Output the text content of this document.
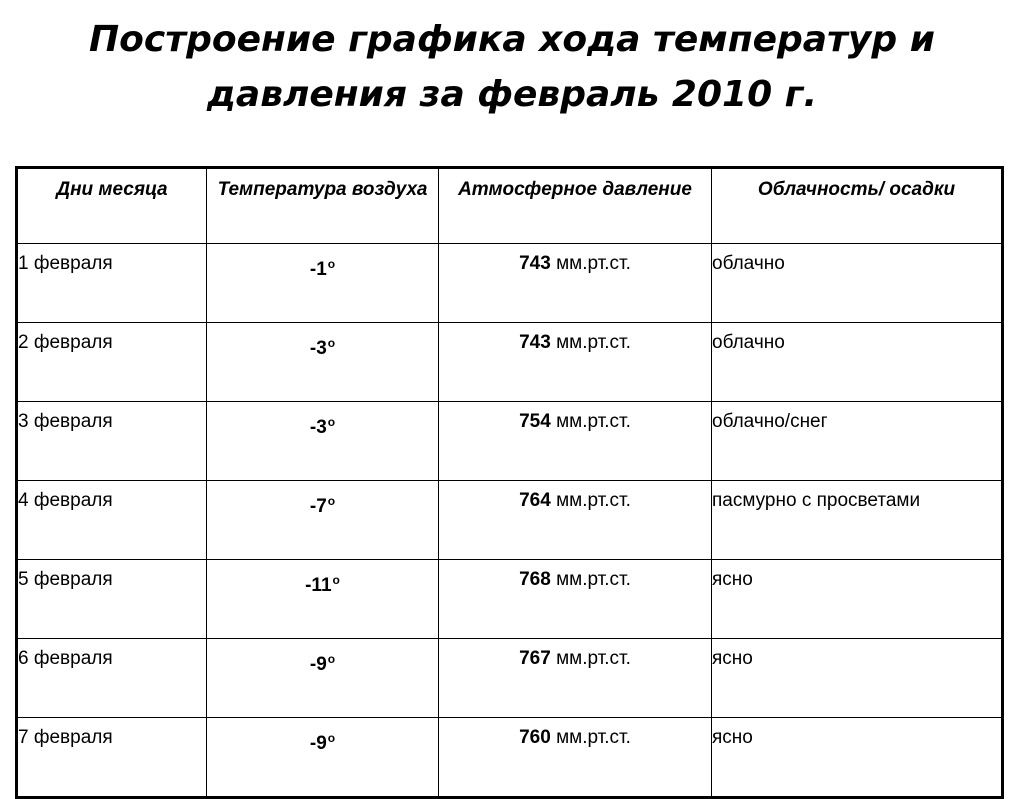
Построение графика хода температур и
давления за февраль 2010 г.
Дни месяца	Температура воздуха	Атмосферное давление	Облачность/ осадки
1 февраля	$-1^о$	743 мм.рт.ст.	облачно
2 февраля	$-3^о$	743 мм.рт.ст.	облачно
3 февраля	$-3^о$	754 мм.рт.ст.	облачно/снег
4 февраля	$-7^о$	764 мм.рт.ст.	пасмурно с просветами
5 февраля	$-11^о$	768 мм.рт.ст.	ясно
6 февраля	$-9^о$	767 мм.рт.ст.	ясно
7 февраля	$-9^о$	760 мм.рт.ст.	ясно
